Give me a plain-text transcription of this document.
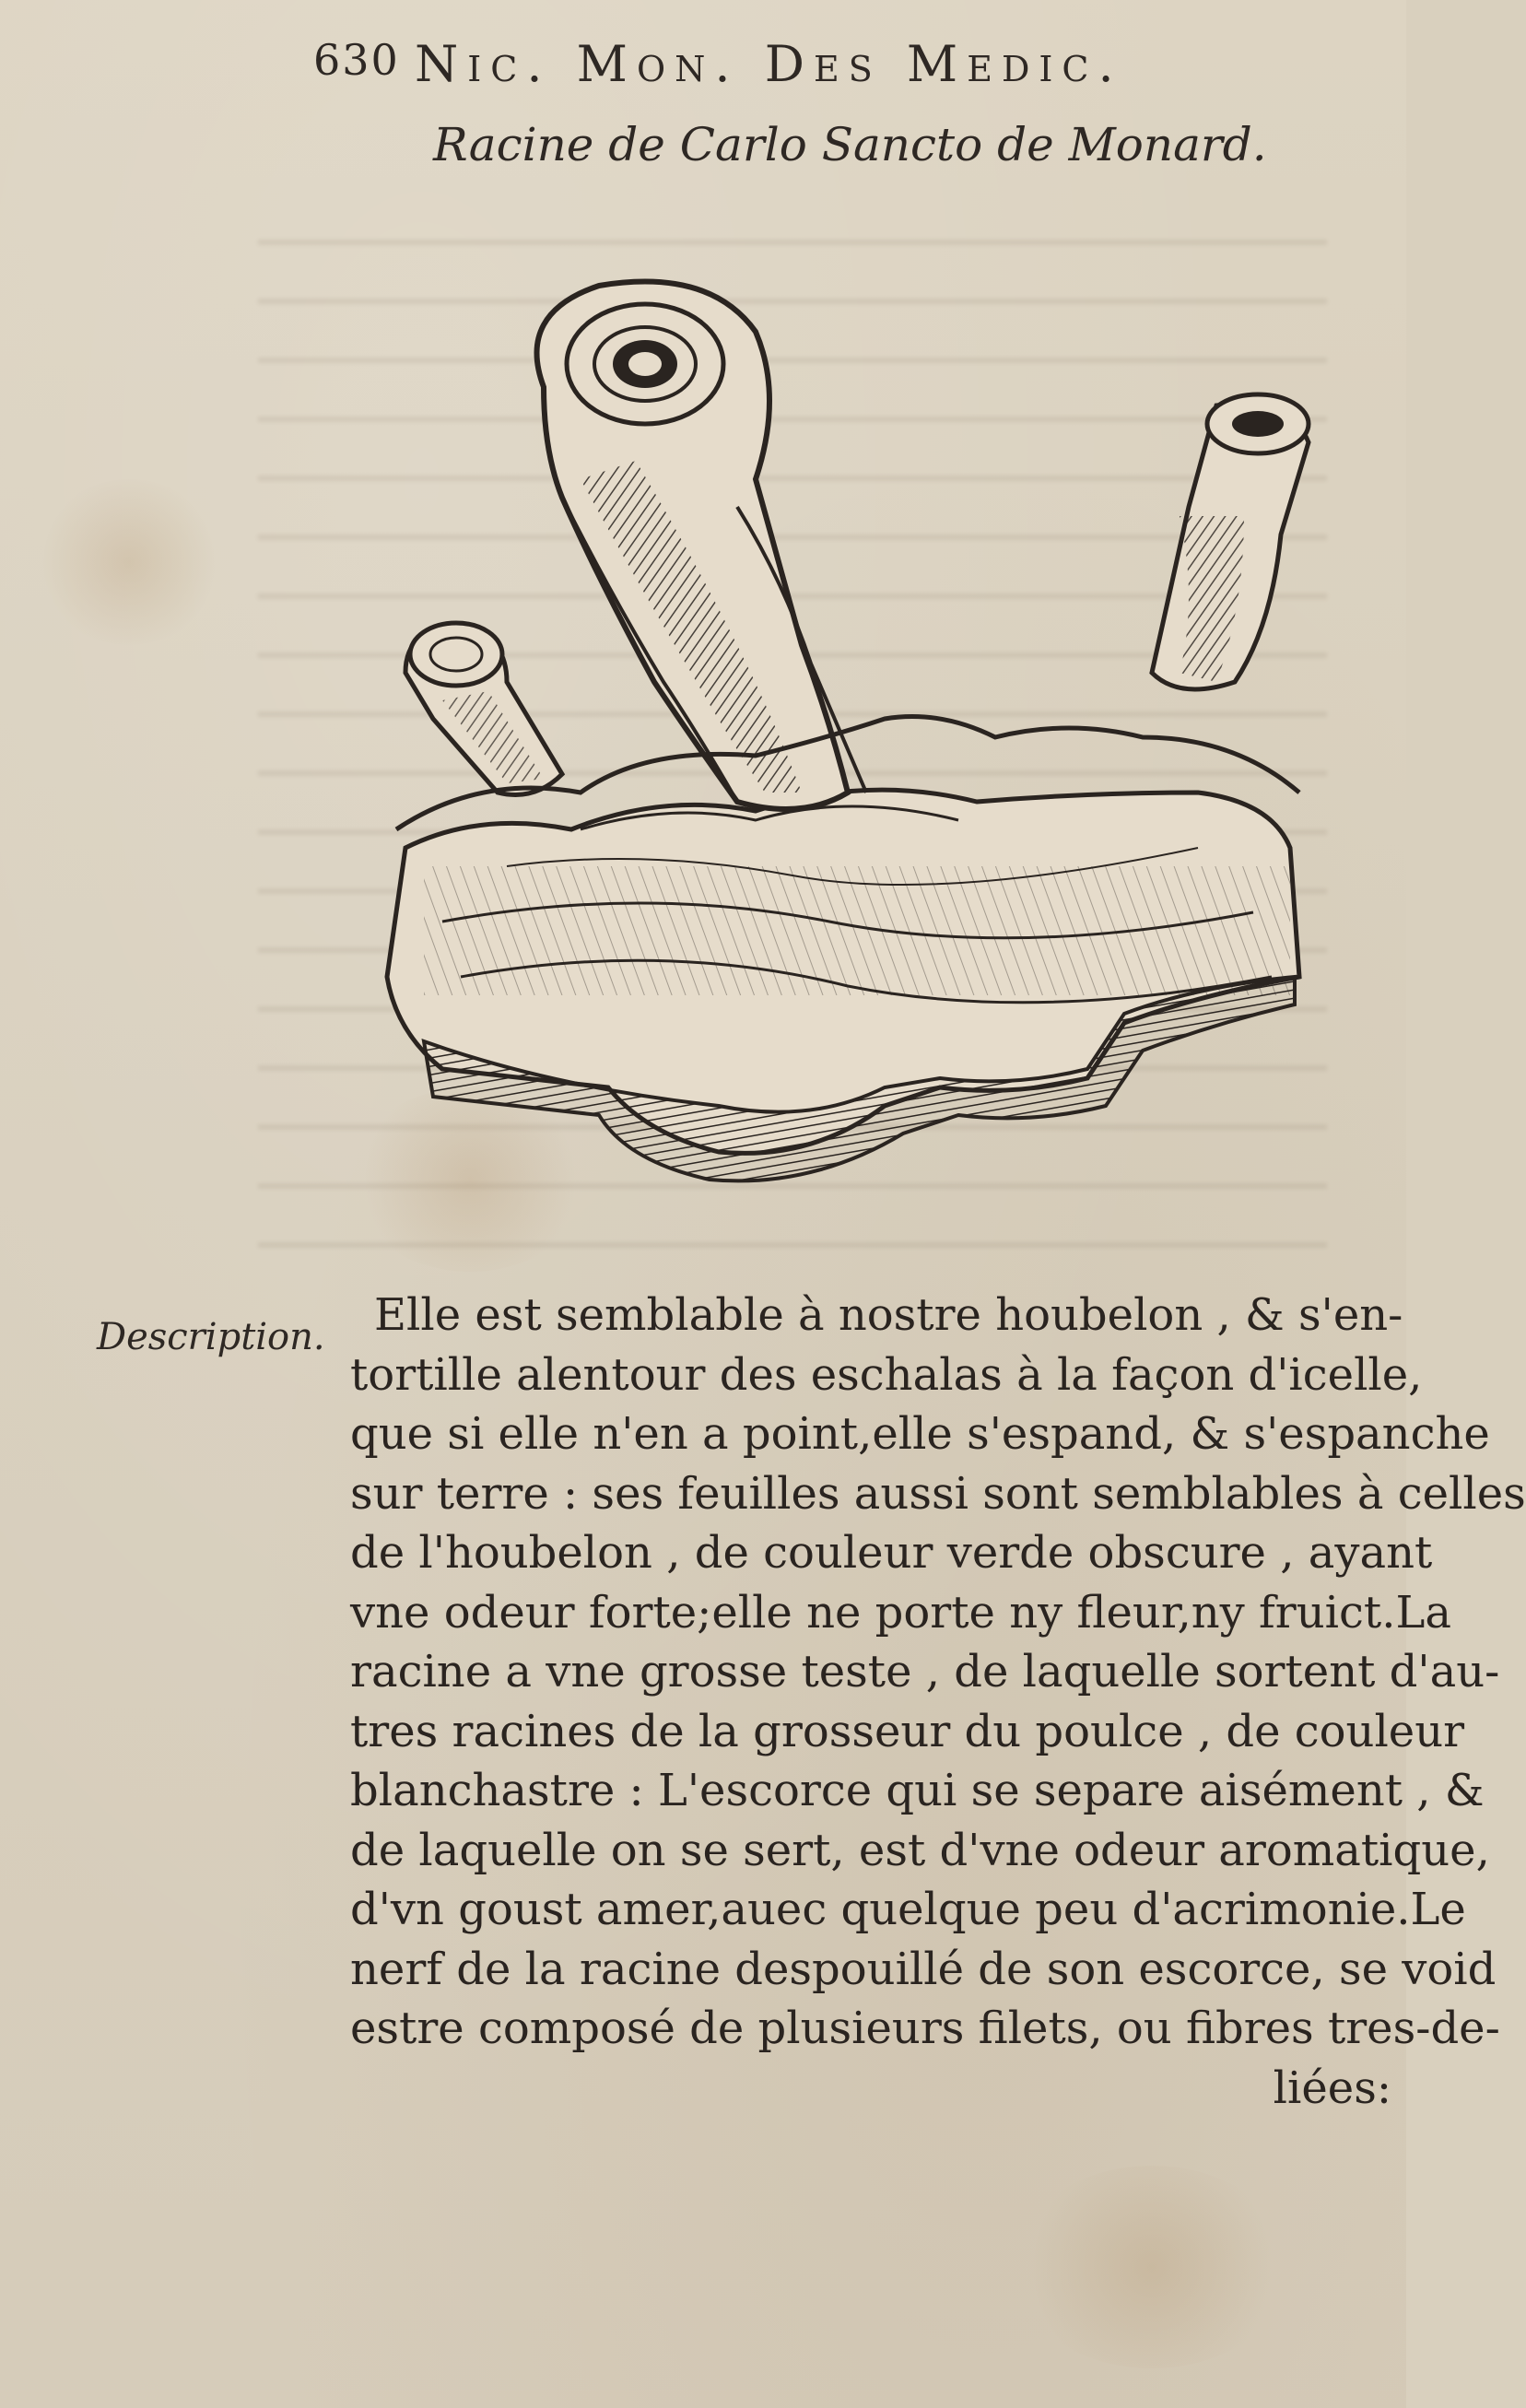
630 Nic. Mon. Des Medic.
Racine de Carlo Sancto de Monard.
Description.	Elle est semblable à nostre houbelon , & s'en-
tortille alentour des eschalas à la façon d'icelle,
que si elle n'en a point,elle s'espand, & s'espanche
sur terre : ses feuilles aussi sont semblables à celles
de l'houbelon , de couleur verde obscure , ayant
vne odeur forte;elle ne porte ny fleur,ny fruict.La
racine a vne grosse teste , de laquelle sortent d'au-
tres racines de la grosseur du poulce , de couleur
blanchastre : L'escorce qui se separe aisément , &
de laquelle on se sert, est d'vne odeur aromatique,
d'vn goust amer,auec quelque peu d'acrimonie.Le
nerf de la racine despouillé de son escorce, se void
estre composé de plusieurs filets, ou fibres tres-de-
liées:
